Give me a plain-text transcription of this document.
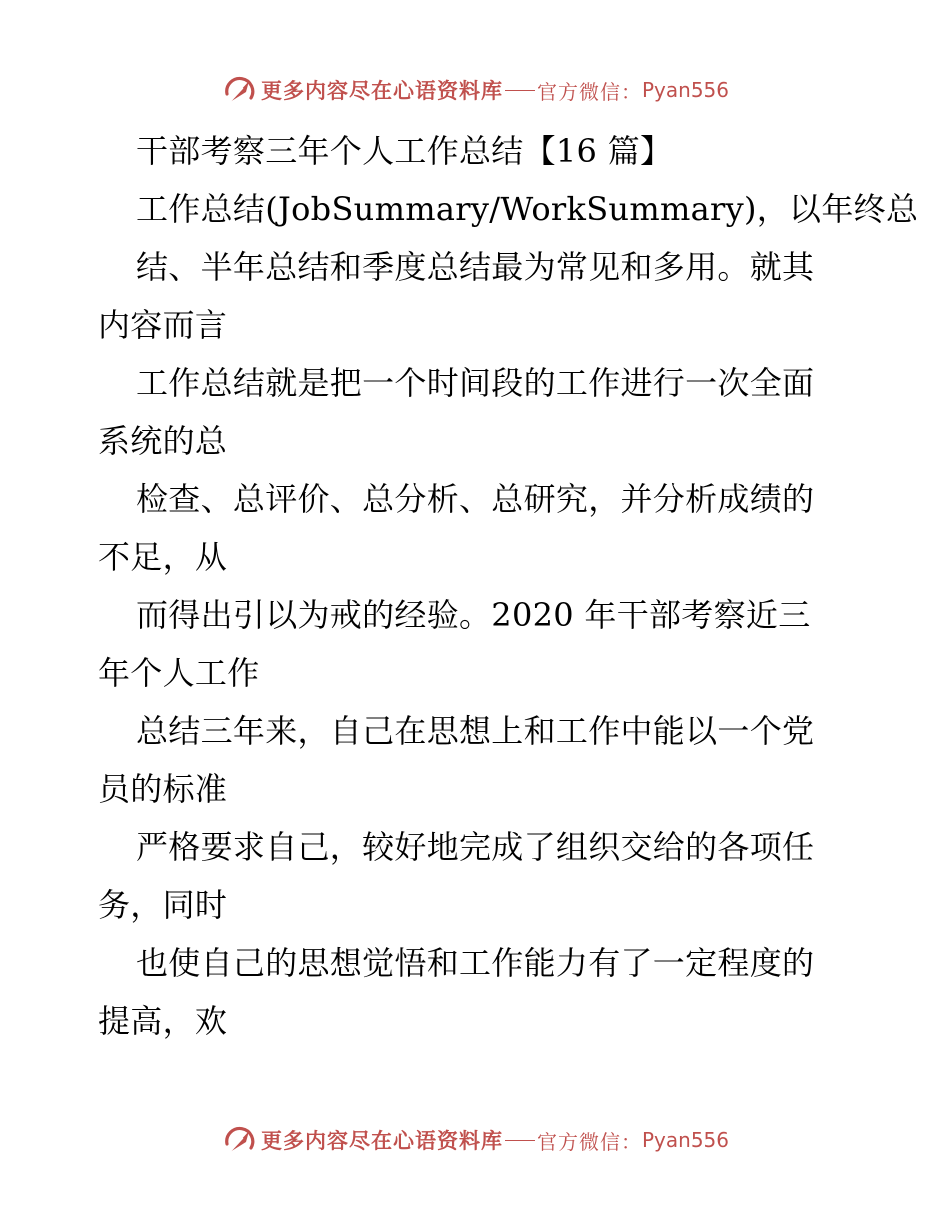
更多内容尽在心语资料库 官方微信： Pyan556
干部考察三年个人工作总结【16 篇】
工作总结(JobSummary/WorkSummary)，以年终总
结、半年总结和季度总结最为常见和多用。就其
内容而言
工作总结就是把一个时间段的工作进行一次全面
系统的总
检查、总评价、总分析、总研究，并分析成绩的
不足，从
而得出引以为戒的经验。2020 年干部考察近三
年个人工作
总结三年来，自己在思想上和工作中能以一个党
员的标准
严格要求自己，较好地完成了组织交给的各项任
务，同时
也使自己的思想觉悟和工作能力有了一定程度的
提高，欢
更多内容尽在心语资料库 官方微信： Pyan556
